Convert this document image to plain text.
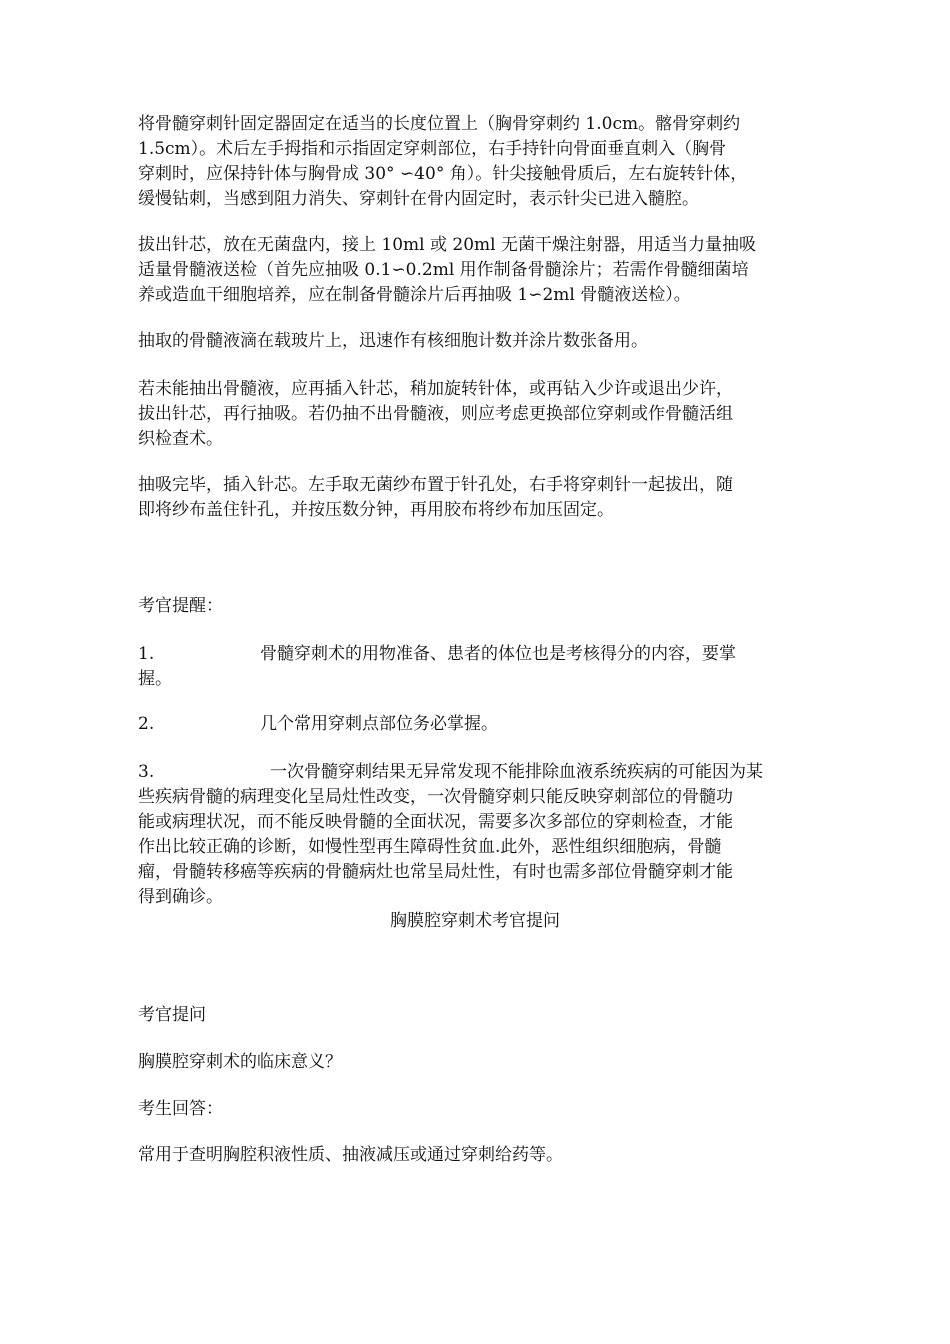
将骨髓穿刺针固定器固定在适当的长度位置上（胸骨穿刺约 1.0cm。髂骨穿刺约
1.5cm）。术后左手拇指和示指固定穿刺部位，右手持针向骨面垂直刺入（胸骨
穿刺时，应保持针体与胸骨成 30° ∽40° 角）。针尖接触骨质后，左右旋转针体，
缓慢钻刺，当感到阻力消失、穿刺针在骨内固定时，表示针尖已进入髓腔。

拔出针芯，放在无菌盘内，接上 10ml 或 20ml 无菌干燥注射器，用适当力量抽吸
适量骨髓液送检（首先应抽吸 0.1∽0.2ml 用作制备骨髓涂片；若需作骨髓细菌培
养或造血干细胞培养，应在制备骨髓涂片后再抽吸 1∽2ml 骨髓液送检）。

抽取的骨髓液滴在载玻片上，迅速作有核细胞计数并涂片数张备用。

若未能抽出骨髓液，应再插入针芯，稍加旋转针体，或再钻入少许或退出少许，
拔出针芯，再行抽吸。若仍抽不出骨髓液，则应考虑更换部位穿刺或作骨髓活组
织检查术。

抽吸完毕，插入针芯。左手取无菌纱布置于针孔处，右手将穿刺针一起拔出，随
即将纱布盖住针孔，并按压数分钟，再用胶布将纱布加压固定。

考官提醒：

1.	骨髓穿刺术的用物准备、患者的体位也是考核得分的内容，要掌
握。

2.	几个常用穿刺点部位务必掌握。

3.	一次骨髓穿刺结果无异常发现不能排除血液系统疾病的可能因为某
些疾病骨髓的病理变化呈局灶性改变，一次骨髓穿刺只能反映穿刺部位的骨髓功
能或病理状况，而不能反映骨髓的全面状况，需要多次多部位的穿刺检查，才能
作出比较正确的诊断，如慢性型再生障碍性贫血.此外，恶性组织细胞病，骨髓
瘤，骨髓转移癌等疾病的骨髓病灶也常呈局灶性，有时也需多部位骨髓穿刺才能
得到确诊。

胸膜腔穿刺术考官提问

考官提问

胸膜腔穿刺术的临床意义？

考生回答：

常用于查明胸腔积液性质、抽液减压或通过穿刺给药等。
